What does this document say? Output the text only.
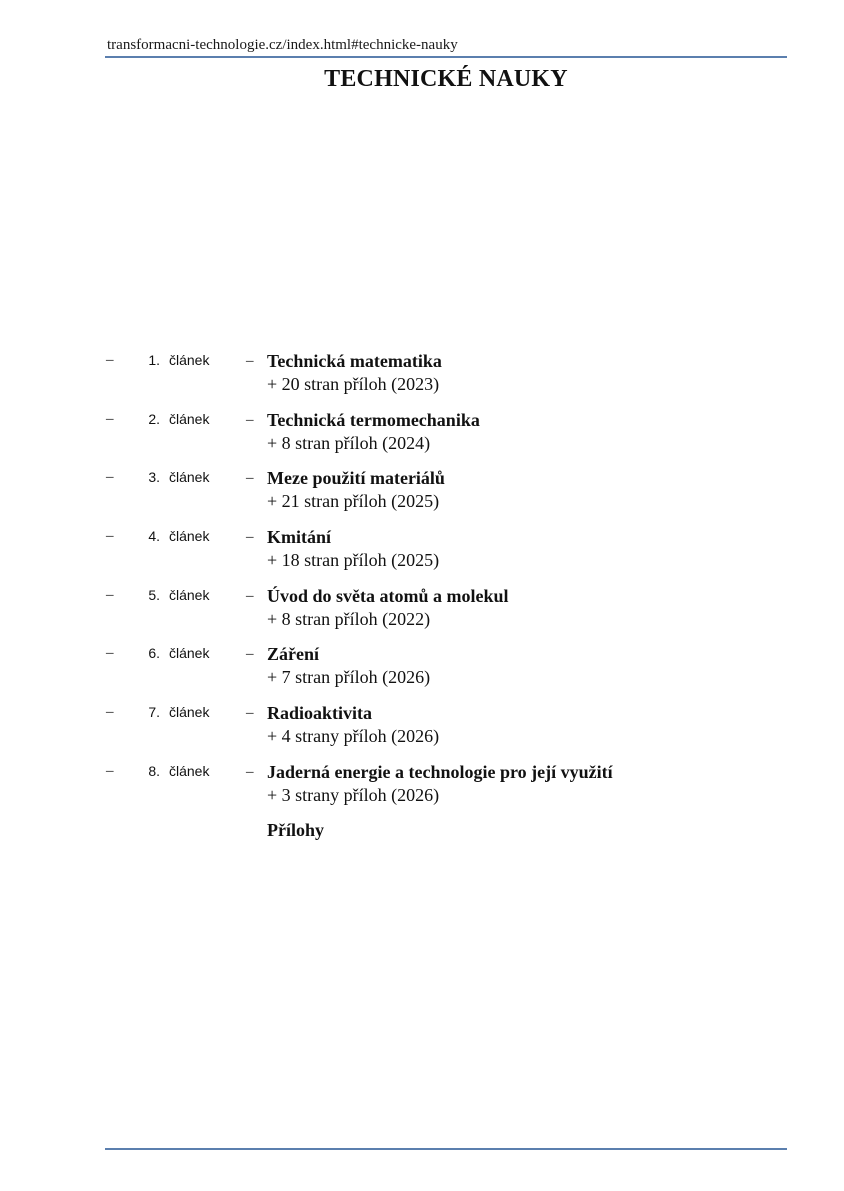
transformacni-technologie.cz/index.html#technicke-nauky
TECHNICKÉ NAUKY
– 1. článek – Technická matematika
+ 20 stran příloh (2023)
– 2. článek – Technická termomechanika
+ 8 stran příloh (2024)
– 3. článek – Meze použití materiálů
+ 21 stran příloh (2025)
– 4. článek – Kmitání
+ 18 stran příloh (2025)
– 5. článek – Úvod do světa atomů a molekul
+ 8 stran příloh (2022)
– 6. článek – Záření
+ 7 stran příloh (2026)
– 7. článek – Radioaktivita
+ 4 strany příloh (2026)
– 8. článek – Jaderná energie a technologie pro její využití
+ 3 strany příloh (2026)
Přílohy
